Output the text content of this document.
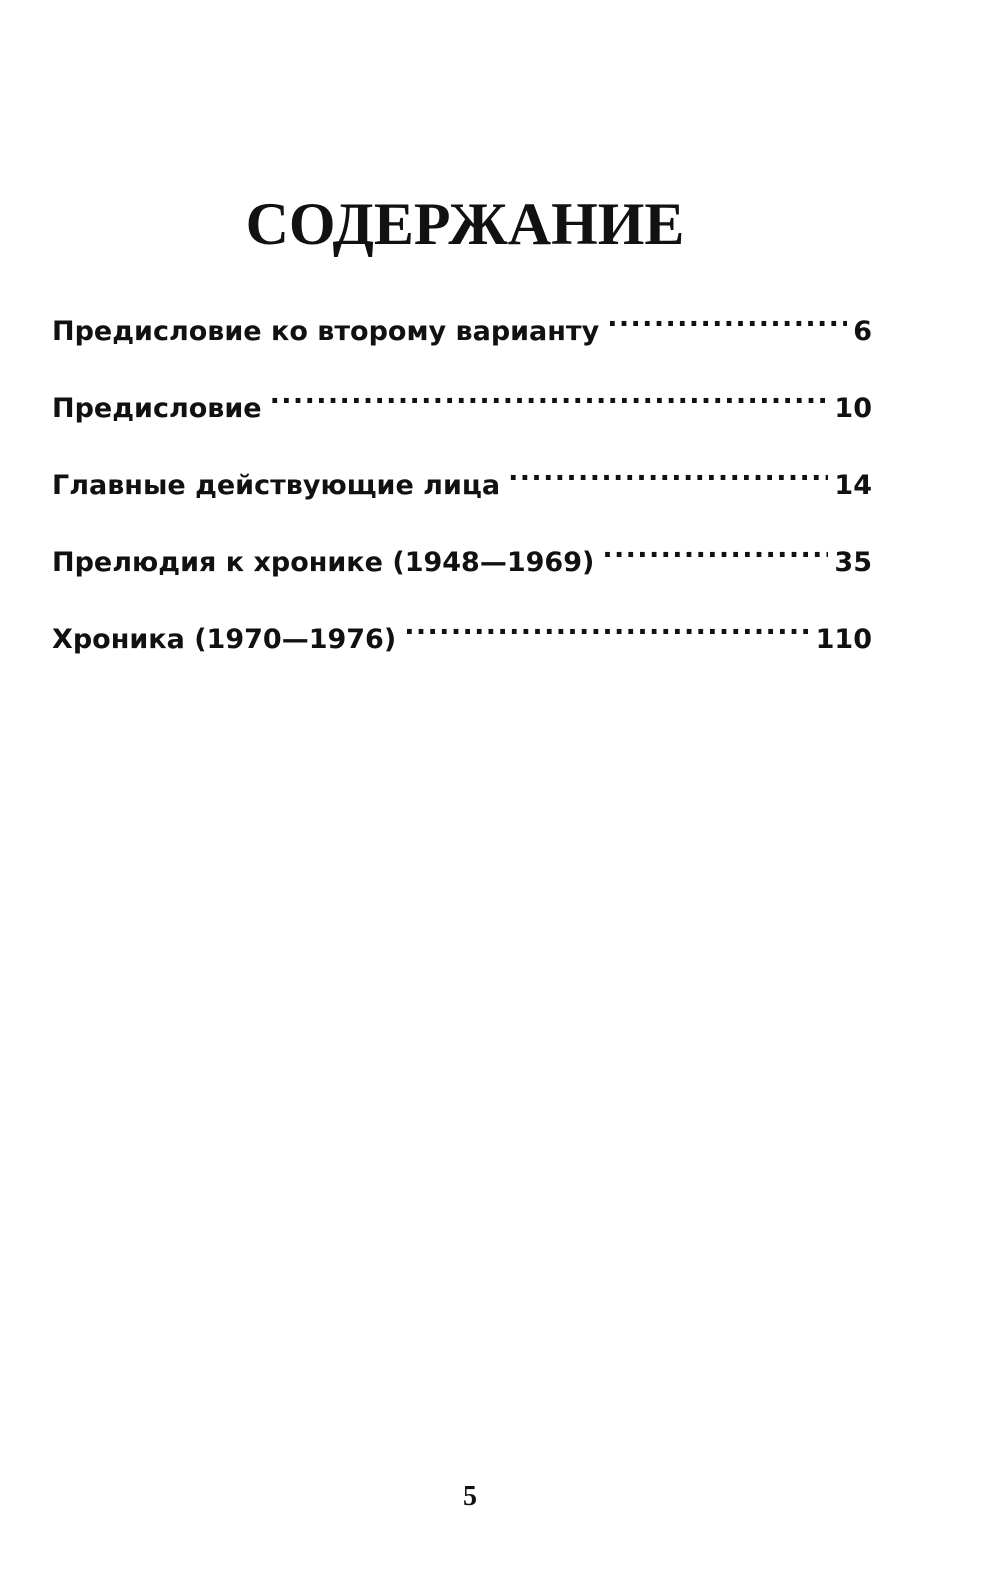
СОДЕРЖАНИЕ
Предисловие ко второму варианту . . .	6
Предисловие . . .	10
Главные действующие лица . . .	14
Прелюдия к хронике (1948—1969) . . .	35
Хроника (1970—1976) . . .	110
5
